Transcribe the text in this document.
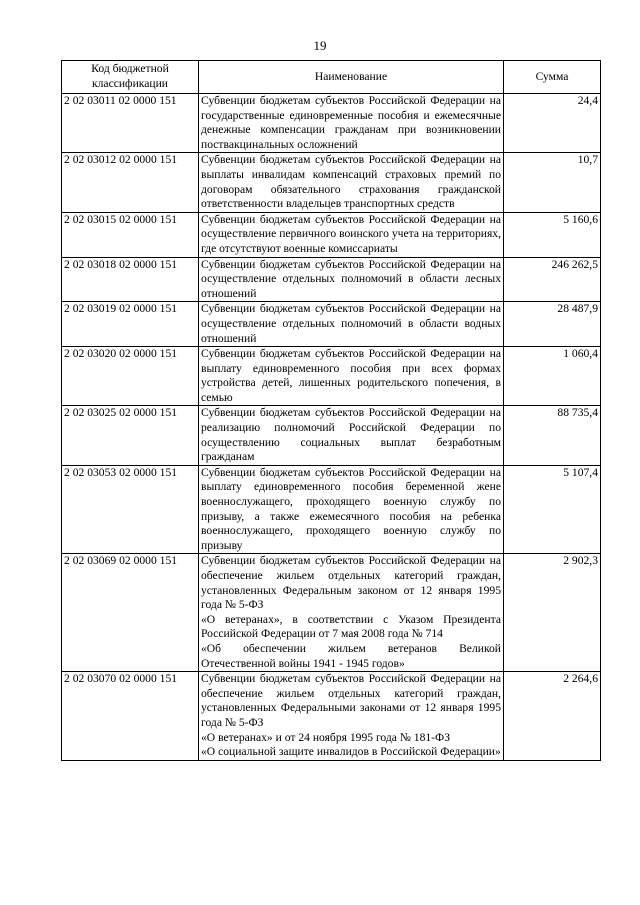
19
Код бюджетной классификации	Наименование	Сумма
2 02 03011 02 0000 151	Субвенции бюджетам субъектов Российской Федерации на государственные единовременные пособия и ежемесячные денежные компенсации гражданам при возникновении поствакцинальных осложнений	24,4
2 02 03012 02 0000 151	Субвенции бюджетам субъектов Российской Федерации на выплаты инвалидам компенсаций страховых премий по договорам обязательного страхования гражданской ответственности владельцев транспортных средств	10,7
2 02 03015 02 0000 151	Субвенции бюджетам субъектов Российской Федерации на осуществление первичного воинского учета на территориях, где отсутствуют военные комиссариаты	5 160,6
2 02 03018 02 0000 151	Субвенции бюджетам субъектов Российской Федерации на осуществление отдельных полномочий в области лесных отношений	246 262,5
2 02 03019 02 0000 151	Субвенции бюджетам субъектов Российской Федерации на осуществление отдельных полномочий в области водных отношений	28 487,9
2 02 03020 02 0000 151	Субвенции бюджетам субъектов Российской Федерации на выплату единовременного пособия при всех формах устройства детей, лишенных родительского попечения, в семью	1 060,4
2 02 03025 02 0000 151	Субвенции бюджетам субъектов Российской Федерации на реализацию полномочий Российской Федерации по осуществлению социальных выплат безработным гражданам	88 735,4
2 02 03053 02 0000 151	Субвенции бюджетам субъектов Российской Федерации на выплату единовременного пособия беременной жене военнослужащего, проходящего военную службу по призыву, а также ежемесячного пособия на ребенка военнослужащего, проходящего военную службу по призыву	5 107,4
2 02 03069 02 0000 151	Субвенции бюджетам субъектов Российской Федерации на обеспечение жильем отдельных категорий граждан, установленных Федеральным законом от 12 января 1995 года № 5-ФЗ

«О ветеранах», в соответствии с Указом Президента Российской Федерации от 7 мая 2008 года № 714

«Об обеспечении жильем ветеранов Великой Отечественной войны 1941 - 1945 годов»	2 902,3
2 02 03070 02 0000 151	Субвенции бюджетам субъектов Российской Федерации на обеспечение жильем отдельных категорий граждан, установленных Федеральными законами от 12 января 1995 года № 5-ФЗ

«О ветеранах» и от 24 ноября 1995 года № 181-ФЗ

«О социальной защите инвалидов в Российской Федерации»	2 264,6
